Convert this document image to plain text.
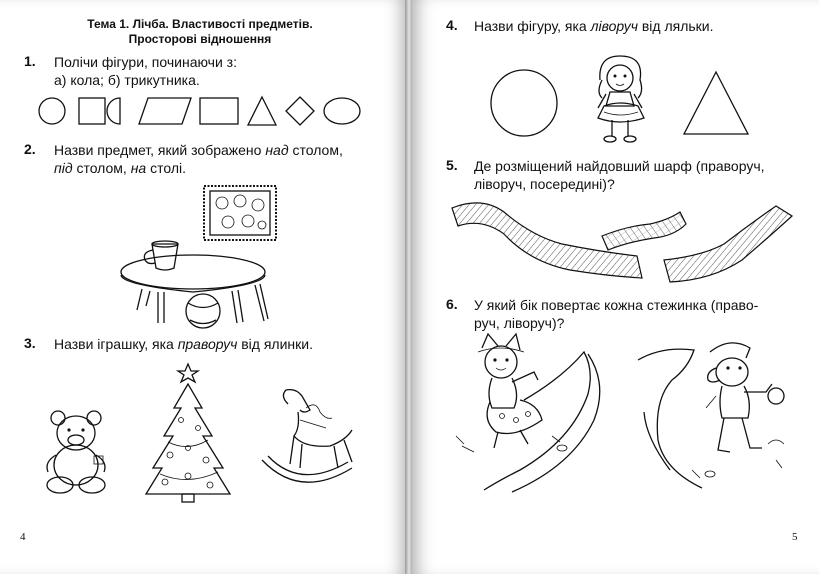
Тема 1. Лічба. Властивості предметів.
Просторові відношення
1. Полічи фігури, починаючи з:
а) кола; б) трикутника.
2. Назви предмет, який зображено над столом,
під столом, на столі.
3. Назви іграшку, яка праворуч від ялинки.
4
4. Назви фігуру, яка ліворуч від ляльки.
5. Де розміщений найдовший шарф (праворуч,
ліворуч, посередині)?
6. У який бік повертає кожна стежинка (право-
руч, ліворуч)?
5
